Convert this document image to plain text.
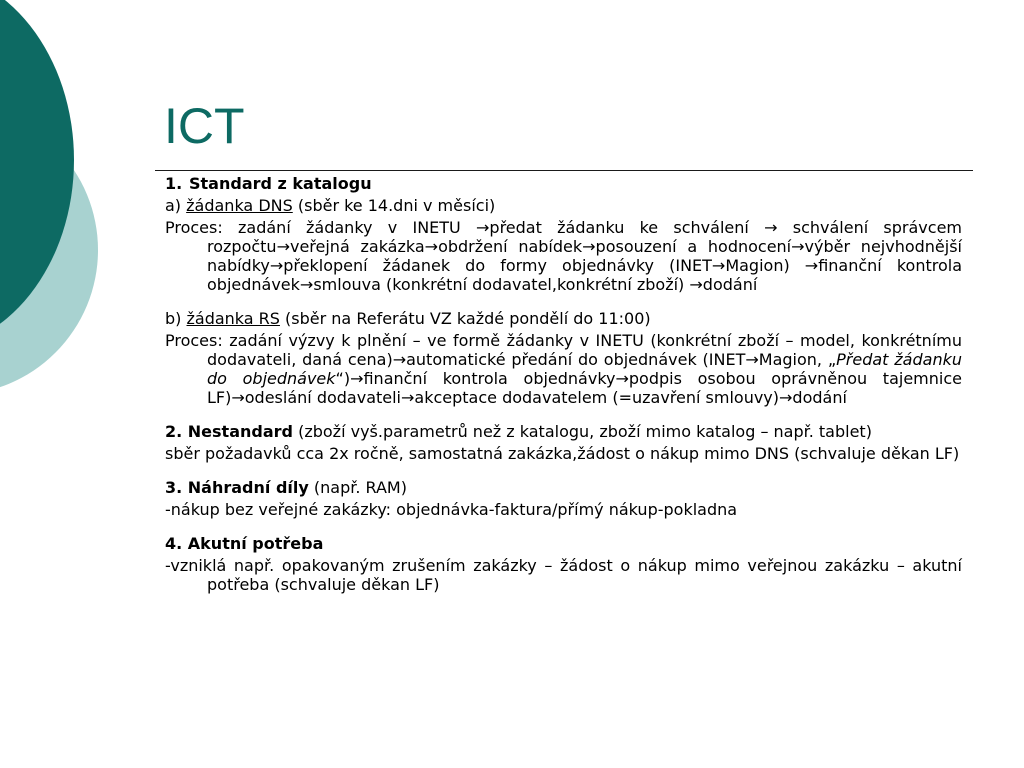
ICT

1. Standard z katalogu

a) žádanka DNS (sběr ke 14.dni v měsíci)

Proces: zadání žádanky v INETU →předat žádanku ke schválení → schválení správcem rozpočtu→veřejná zakázka→obdržení nabídek→posouzení a hodnocení→výběr nejvhodnější nabídky→překlopení žádanek do formy objednávky (INET→Magion) →finanční kontrola objednávek→smlouva (konkrétní dodavatel,konkrétní zboží) →dodání

b) žádanka RS (sběr na Referátu VZ každé pondělí do 11:00)

Proces: zadání výzvy k plnění – ve formě žádanky v INETU (konkrétní zboží – model, konkrétnímu dodavateli, daná cena)→automatické předání do objednávek (INET→Magion, „Předat žádanku do objednávek“)→finanční kontrola objednávky→podpis osobou oprávněnou tajemnice LF)→odeslání dodavateli→akceptace dodavatelem (=uzavření smlouvy)→dodání

2. Nestandard (zboží vyš.parametrů než z katalogu, zboží mimo katalog – např. tablet)

sběr požadavků cca 2x ročně, samostatná zakázka,žádost o nákup mimo DNS (schvaluje děkan LF)

3. Náhradní díly (např. RAM)

-nákup bez veřejné zakázky: objednávka-faktura/přímý nákup-pokladna

4. Akutní potřeba

-vzniklá např. opakovaným zrušením zakázky – žádost o nákup mimo veřejnou zakázku – akutní potřeba (schvaluje děkan LF)
